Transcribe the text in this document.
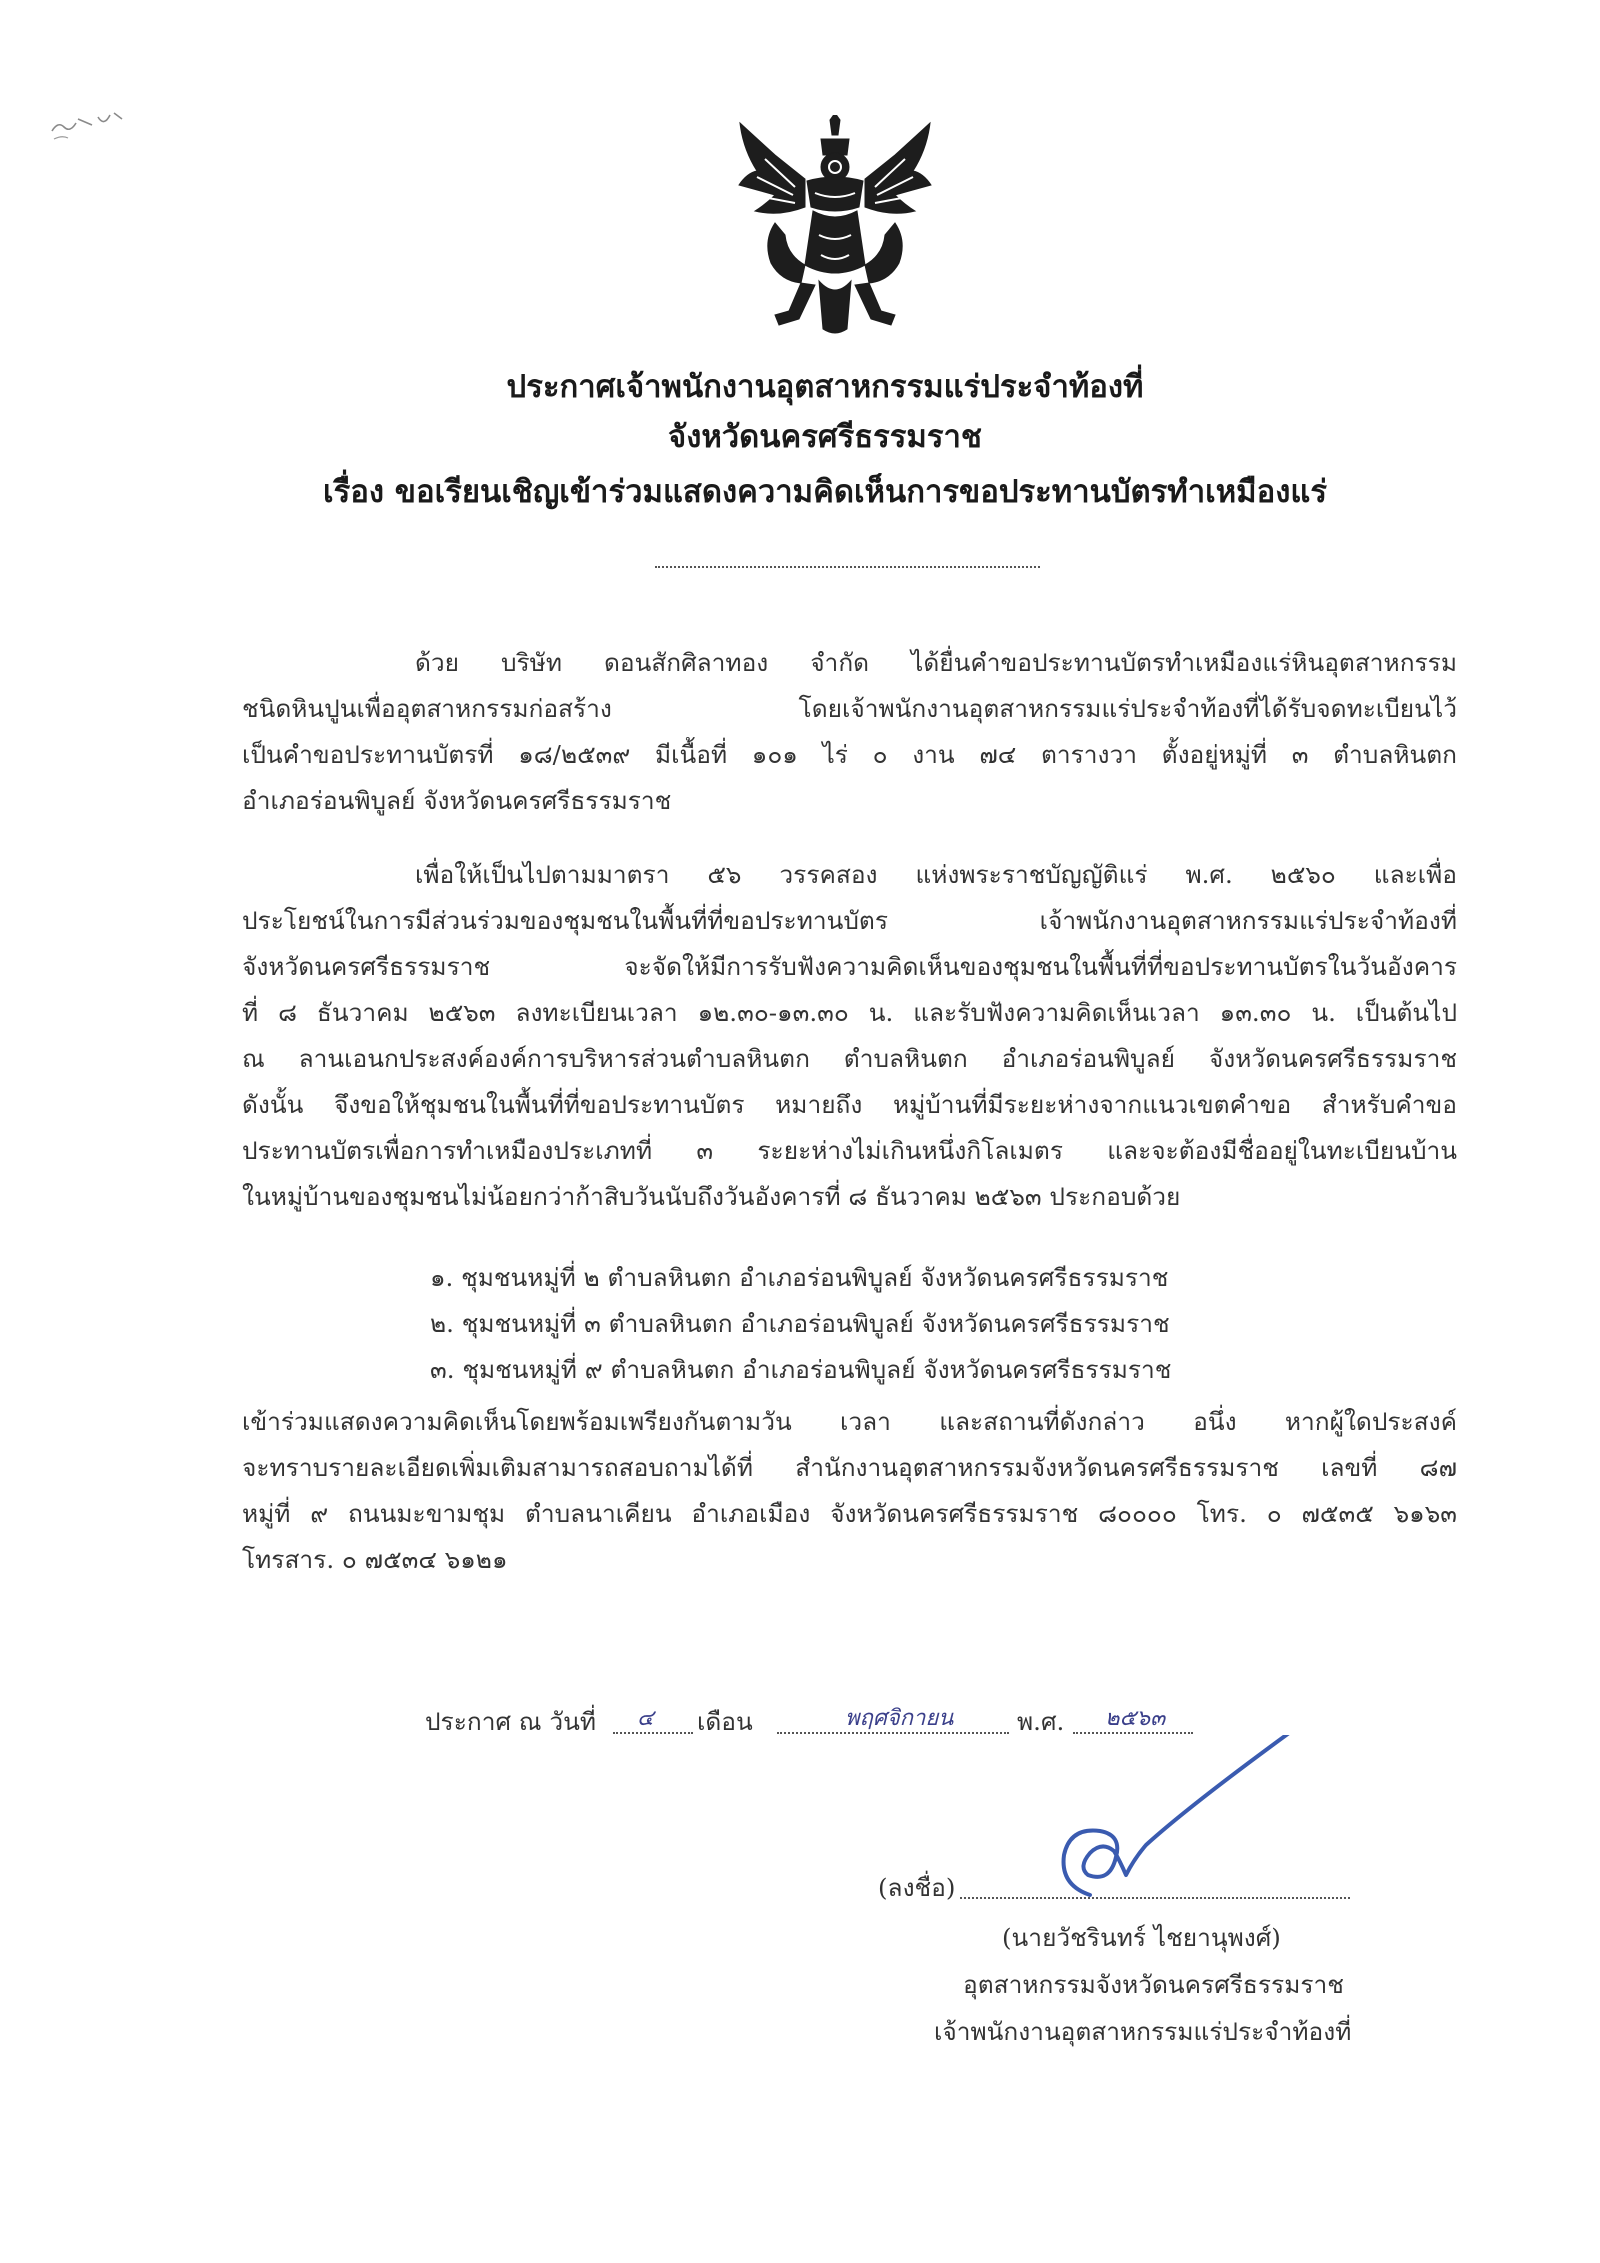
ประกาศเจ้าพนักงานอุตสาหกรรมแร่ประจำท้องที่
จังหวัดนครศรีธรรมราช
เรื่อง ขอเรียนเชิญเข้าร่วมแสดงความคิดเห็นการขอประทานบัตรทำเหมืองแร่
ด้วย บริษัท ดอนสักศิลาทอง จำกัด ได้ยื่นคำขอประทานบัตรทำเหมืองแร่หินอุตสาหกรรม
ชนิดหินปูนเพื่ออุตสาหกรรมก่อสร้าง โดยเจ้าพนักงานอุตสาหกรรมแร่ประจำท้องที่ได้รับจดทะเบียนไว้
เป็นคำขอประทานบัตรที่ ๑๘/๒๕๓๙ มีเนื้อที่ ๑๐๑ ไร่ ๐ งาน ๗๔ ตารางวา ตั้งอยู่หมู่ที่ ๓ ตำบลหินตก
อำเภอร่อนพิบูลย์ จังหวัดนครศรีธรรมราช
เพื่อให้เป็นไปตามมาตรา ๕๖ วรรคสอง แห่งพระราชบัญญัติแร่ พ.ศ. ๒๕๖๐ และเพื่อ
ประโยชน์ในการมีส่วนร่วมของชุมชนในพื้นที่ที่ขอประทานบัตร เจ้าพนักงานอุตสาหกรรมแร่ประจำท้องที่
จังหวัดนครศรีธรรมราช จะจัดให้มีการรับฟังความคิดเห็นของชุมชนในพื้นที่ที่ขอประทานบัตรในวันอังคาร
ที่ ๘ ธันวาคม ๒๕๖๓ ลงทะเบียนเวลา ๑๒.๓๐-๑๓.๓๐ น. และรับฟังความคิดเห็นเวลา ๑๓.๓๐ น. เป็นต้นไป
ณ ลานเอนกประสงค์องค์การบริหารส่วนตำบลหินตก ตำบลหินตก อำเภอร่อนพิบูลย์ จังหวัดนครศรีธรรมราช
ดังนั้น จึงขอให้ชุมชนในพื้นที่ที่ขอประทานบัตร หมายถึง หมู่บ้านที่มีระยะห่างจากแนวเขตคำขอ สำหรับคำขอ
ประทานบัตรเพื่อการทำเหมืองประเภทที่ ๓ ระยะห่างไม่เกินหนึ่งกิโลเมตร และจะต้องมีชื่ออยู่ในทะเบียนบ้าน
ในหมู่บ้านของชุมชนไม่น้อยกว่าก้าสิบวันนับถึงวันอังคารที่ ๘ ธันวาคม ๒๕๖๓ ประกอบด้วย
๑. ชุมชนหมู่ที่ ๒ ตำบลหินตก อำเภอร่อนพิบูลย์ จังหวัดนครศรีธรรมราช
๒. ชุมชนหมู่ที่ ๓ ตำบลหินตก อำเภอร่อนพิบูลย์ จังหวัดนครศรีธรรมราช
๓. ชุมชนหมู่ที่ ๙ ตำบลหินตก อำเภอร่อนพิบูลย์ จังหวัดนครศรีธรรมราช
เข้าร่วมแสดงความคิดเห็นโดยพร้อมเพรียงกันตามวัน เวลา และสถานที่ดังกล่าว อนึ่ง หากผู้ใดประสงค์
จะทราบรายละเอียดเพิ่มเติมสามารถสอบถามได้ที่ สำนักงานอุตสาหกรรมจังหวัดนครศรีธรรมราช เลขที่ ๘๗
หมู่ที่ ๙ ถนนมะขามชุม ตำบลนาเคียน อำเภอเมือง จังหวัดนครศรีธรรมราช ๘๐๐๐๐ โทร. ๐ ๗๕๓๕ ๖๑๖๓
โทรสาร. ๐ ๗๕๓๔ ๖๑๒๑
ประกาศ ณ วันที่ ๔ เดือน	พฤศจิกายน	พ.ศ. ๒๕๖๓
(ลงชื่อ)
(นายวัชรินทร์ ไชยานุพงศ์)
อุตสาหกรรมจังหวัดนครศรีธรรมราช
เจ้าพนักงานอุตสาหกรรมแร่ประจำท้องที่
